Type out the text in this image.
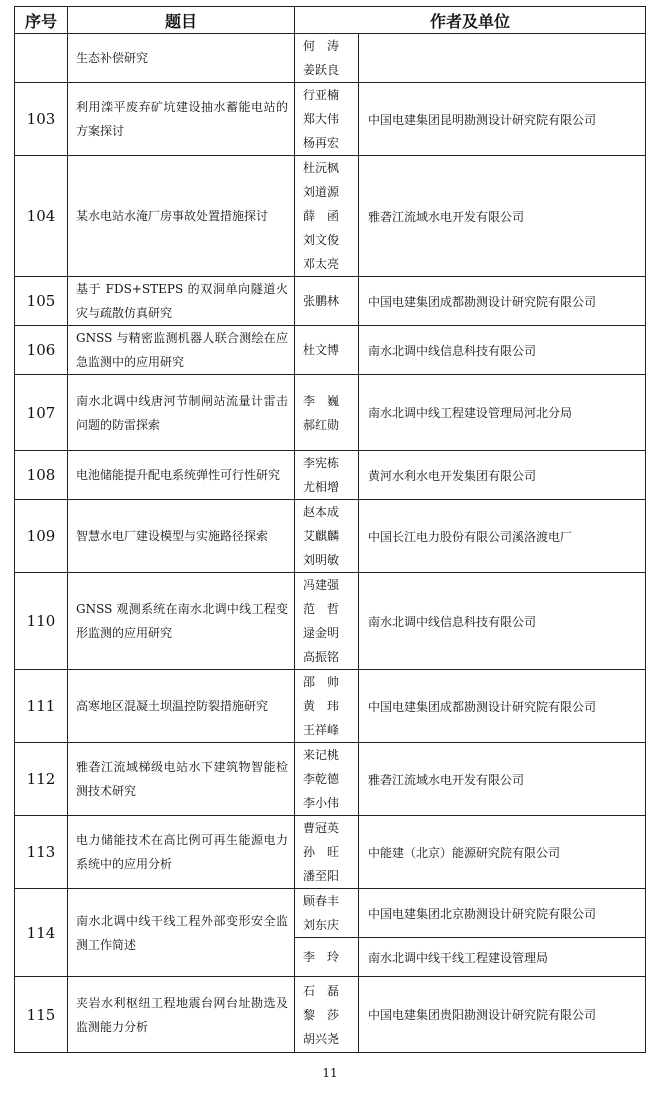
序号	题目	作者及单位	
	生态补偿研究	何　涛
姜跃良	

103	利用滦平废弃矿坑建设抽水蓄能电站的方案探讨	行亚楠
郑大伟
杨再宏	中国电建集团昆明勘测设计研究院有限公司
104	某水电站水淹厂房事故处置措施探讨	杜沅枫
刘道源
薛　函
刘文俊
邓太亮	雅砻江流域水电开发有限公司
105	基于 FDS+STEPS 的双洞单向隧道火灾与疏散仿真研究	张鹏林	中国电建集团成都勘测设计研究院有限公司
106	GNSS 与精密监测机器人联合测绘在应急监测中的应用研究	杜文博	南水北调中线信息科技有限公司
107	南水北调中线唐河节制闸站流量计雷击问题的防雷探索	李　巍
郝红勋	南水北调中线工程建设管理局河北分局
108	电池储能提升配电系统弹性可行性研究	李宪栋
尤相增	黄河水利水电开发集团有限公司
109	智慧水电厂建设模型与实施路径探索	赵本成
艾麒麟
刘明敏	中国长江电力股份有限公司溪洛渡电厂
110	GNSS 观测系统在南水北调中线工程变形监测的应用研究	冯建强
范　哲
逯金明
高振铭	南水北调中线信息科技有限公司
111	高寒地区混凝土坝温控防裂措施研究	邵　帅
黄　玮
王祥峰	中国电建集团成都勘测设计研究院有限公司
112	雅砻江流域梯级电站水下建筑物智能检测技术研究	来记桃
李乾德
李小伟	雅砻江流域水电开发有限公司
113	电力储能技术在高比例可再生能源电力系统中的应用分析	曹冠英
孙　旺
潘至阳	中能建（北京）能源研究院有限公司
114	南水北调中线干线工程外部变形安全监测工作简述	顾春丰
刘东庆	中国电建集团北京勘测设计研究院有限公司

		李　玲	南水北调中线干线工程建设管理局
115	夹岩水利枢纽工程地震台网台址勘选及监测能力分析	石　磊
黎　莎
胡兴尧	中国电建集团贵阳勘测设计研究院有限公司
11
